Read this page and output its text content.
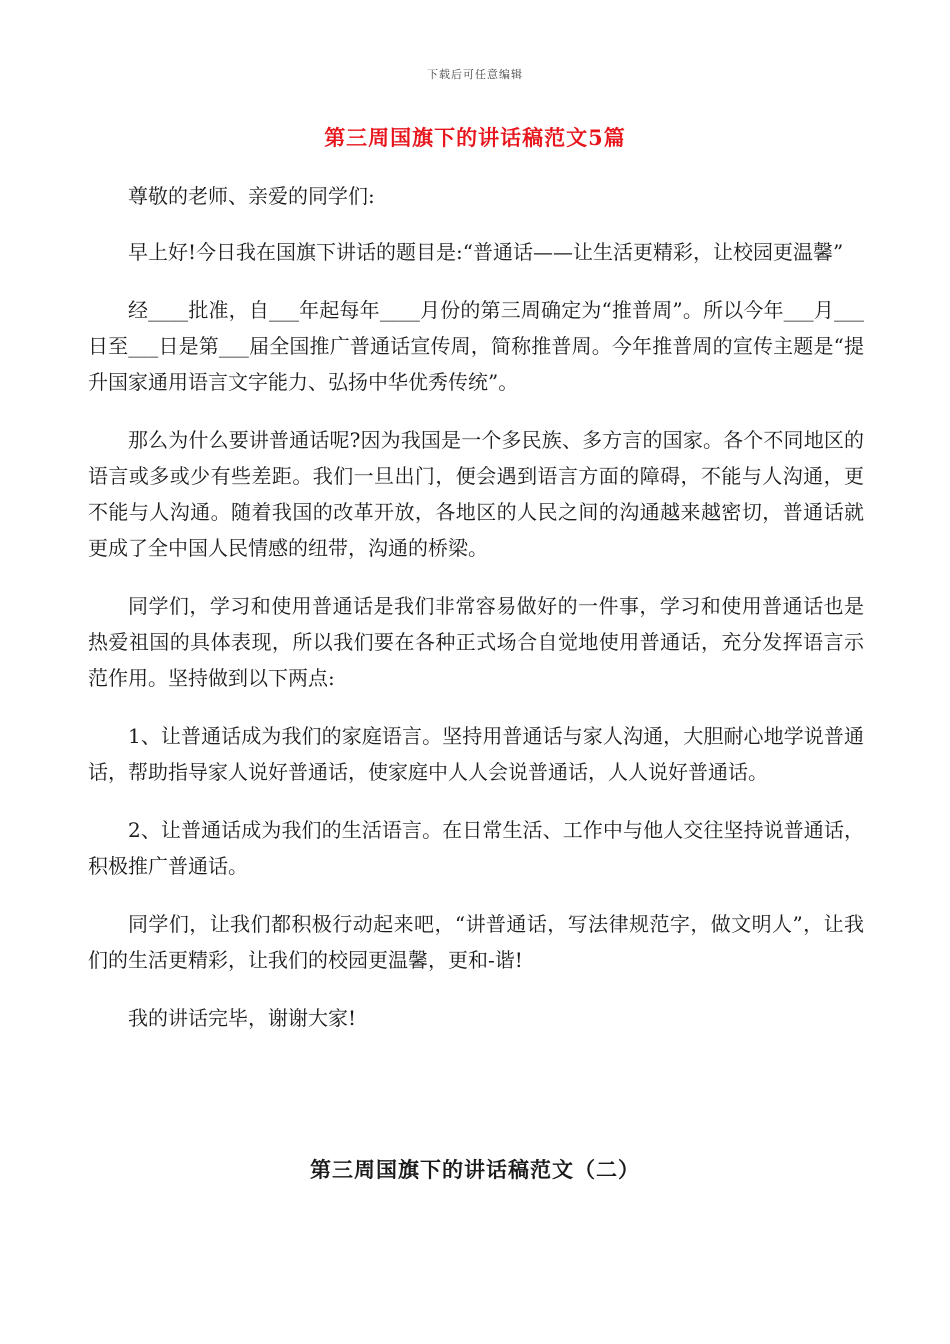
下载后可任意编辑
第三周国旗下的讲话稿范文5篇

尊敬的老师、亲爱的同学们:

早上好!今日我在国旗下讲话的题目是:“普通话——让生活更精彩，让校园更温馨”

经____批准，自___年起每年____月份的第三周确定为“推普周”。所以今年___月___日至___日是第___届全国推广普通话宣传周，简称推普周。今年推普周的宣传主题是“提升国家通用语言文字能力、弘扬中华优秀传统”。

那么为什么要讲普通话呢?因为我国是一个多民族、多方言的国家。各个不同地区的语言或多或少有些差距。我们一旦出门，便会遇到语言方面的障碍，不能与人沟通，更不能与人沟通。随着我国的改革开放，各地区的人民之间的沟通越来越密切，普通话就更成了全中国人民情感的纽带，沟通的桥梁。

同学们，学习和使用普通话是我们非常容易做好的一件事，学习和使用普通话也是热爱祖国的具体表现，所以我们要在各种正式场合自觉地使用普通话，充分发挥语言示范作用。坚持做到以下两点:

1、让普通话成为我们的家庭语言。坚持用普通话与家人沟通，大胆耐心地学说普通话，帮助指导家人说好普通话，使家庭中人人会说普通话，人人说好普通话。

2、让普通话成为我们的生活语言。在日常生活、工作中与他人交往坚持说普通话，积极推广普通话。

同学们，让我们都积极行动起来吧，“讲普通话，写法律规范字，做文明人”，让我们的生活更精彩，让我们的校园更温馨，更和-谐!

我的讲话完毕，谢谢大家!

第三周国旗下的讲话稿范文（二）
